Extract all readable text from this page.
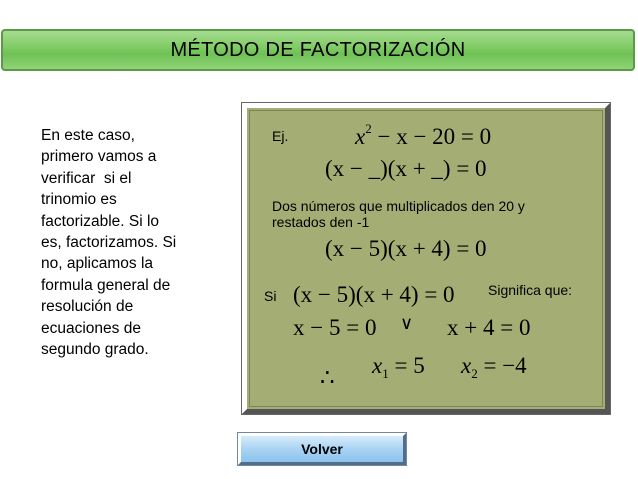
MÉTODO DE FACTORIZACIÓN
En este caso,
primero vamos a
verificar  si el
trinomio es
factorizable. Si lo
es, factorizamos. Si
no, aplicamos la
formula general de
resolución de
ecuaciones de
segundo grado.

Ej.	$x^2 - x - 20 = 0$
(x − _)(x + _) = 0

Dos números que multiplicados den 20 y

restados den -1

(x − 5)(x + 4) = 0

Si (x − 5)(x + 4) = 0 Significa que:

x − 5 = 0 ∨ x + 4 = 0
∴ $x_1 = 5$ $x_2 = -4$
Volver
